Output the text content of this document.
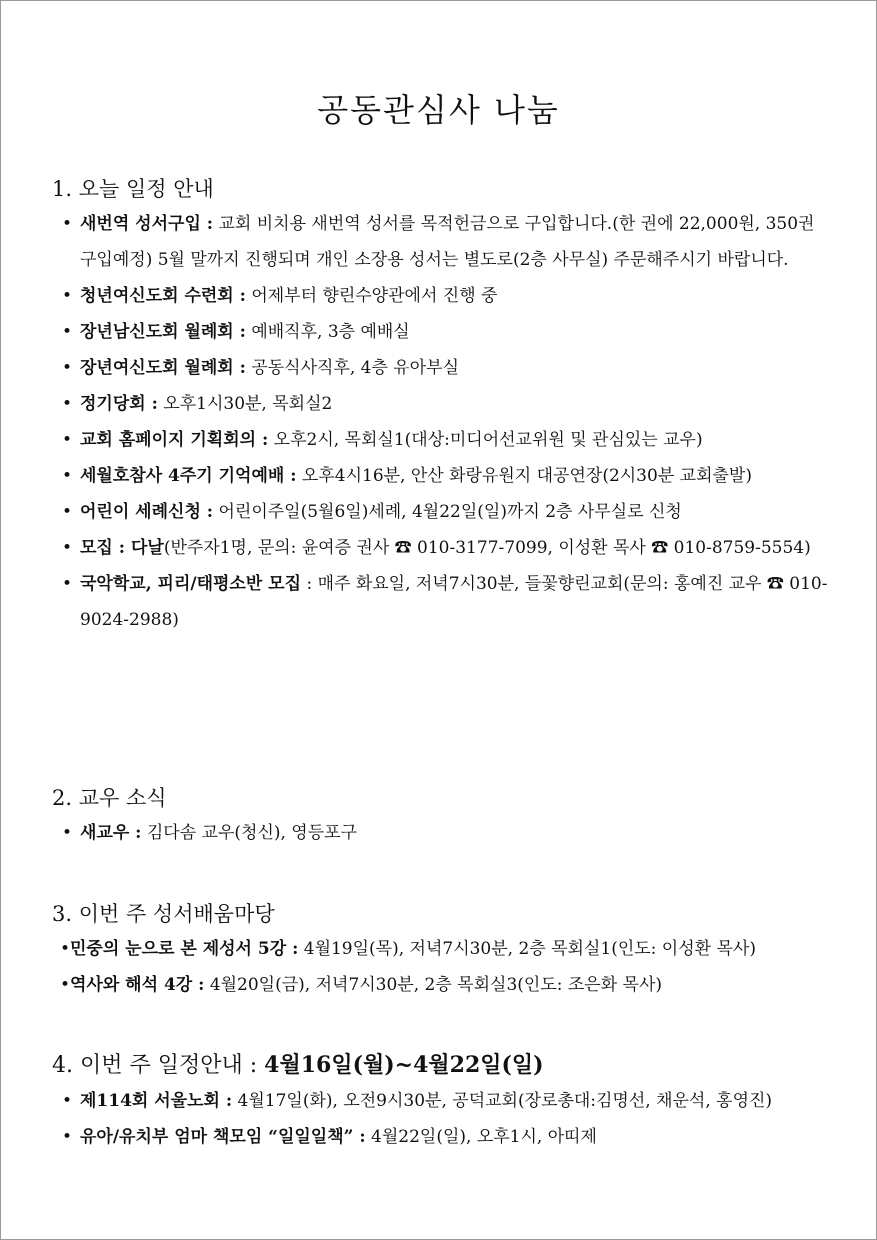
공동관심사 나눔

1. 오늘 일정 안내

• 새번역 성서구입 : 교회 비치용 새번역 성서를 목적헌금으로 구입합니다.(한 권에 22,000원, 350권 구입예정) 5월 말까지 진행되며 개인 소장용 성서는 별도로(2층 사무실) 주문해주시기 바랍니다.
• 청년여신도회 수련회 : 어제부터 향린수양관에서 진행 중
• 장년남신도회 월례회 : 예배직후, 3층 예배실
• 장년여신도회 월례회 : 공동식사직후, 4층 유아부실
• 정기당회 : 오후1시30분, 목회실2
• 교회 홈페이지 기획회의 : 오후2시, 목회실1(대상:미디어선교위원 및 관심있는 교우)
• 세월호참사 4주기 기억예배 : 오후4시16분, 안산 화랑유원지 대공연장(2시30분 교회출발)
• 어린이 세례신청 : 어린이주일(5월6일)세례, 4월22일(일)까지 2층 사무실로 신청
• 모집 : 다날(반주자1명, 문의: 윤여증 권사 ☎ 010-3177-7099, 이성환 목사 ☎ 010-8759-5554)
• 국악학교, 피리/태평소반 모집 : 매주 화요일, 저녁7시30분, 들꽃향린교회(문의: 홍예진 교우 ☎ 010-9024-2988)

2. 교우 소식

• 새교우 : 김다솜 교우(청신), 영등포구

3. 이번 주 성서배움마당

• 민중의 눈으로 본 제성서 5강 : 4월19일(목), 저녁7시30분, 2층 목회실1(인도: 이성환 목사)
• 역사와 해석 4강 : 4월20일(금), 저녁7시30분, 2층 목회실3(인도: 조은화 목사)

4. 이번 주 일정안내 : 4월16일(월)~4월22일(일)

• 제114회 서울노회 : 4월17일(화), 오전9시30분, 공덕교회(장로총대:김명선, 채운석, 홍영진)
• 유아/유치부 엄마 책모임 “일일일책” : 4월22일(일), 오후1시, 아띠제
